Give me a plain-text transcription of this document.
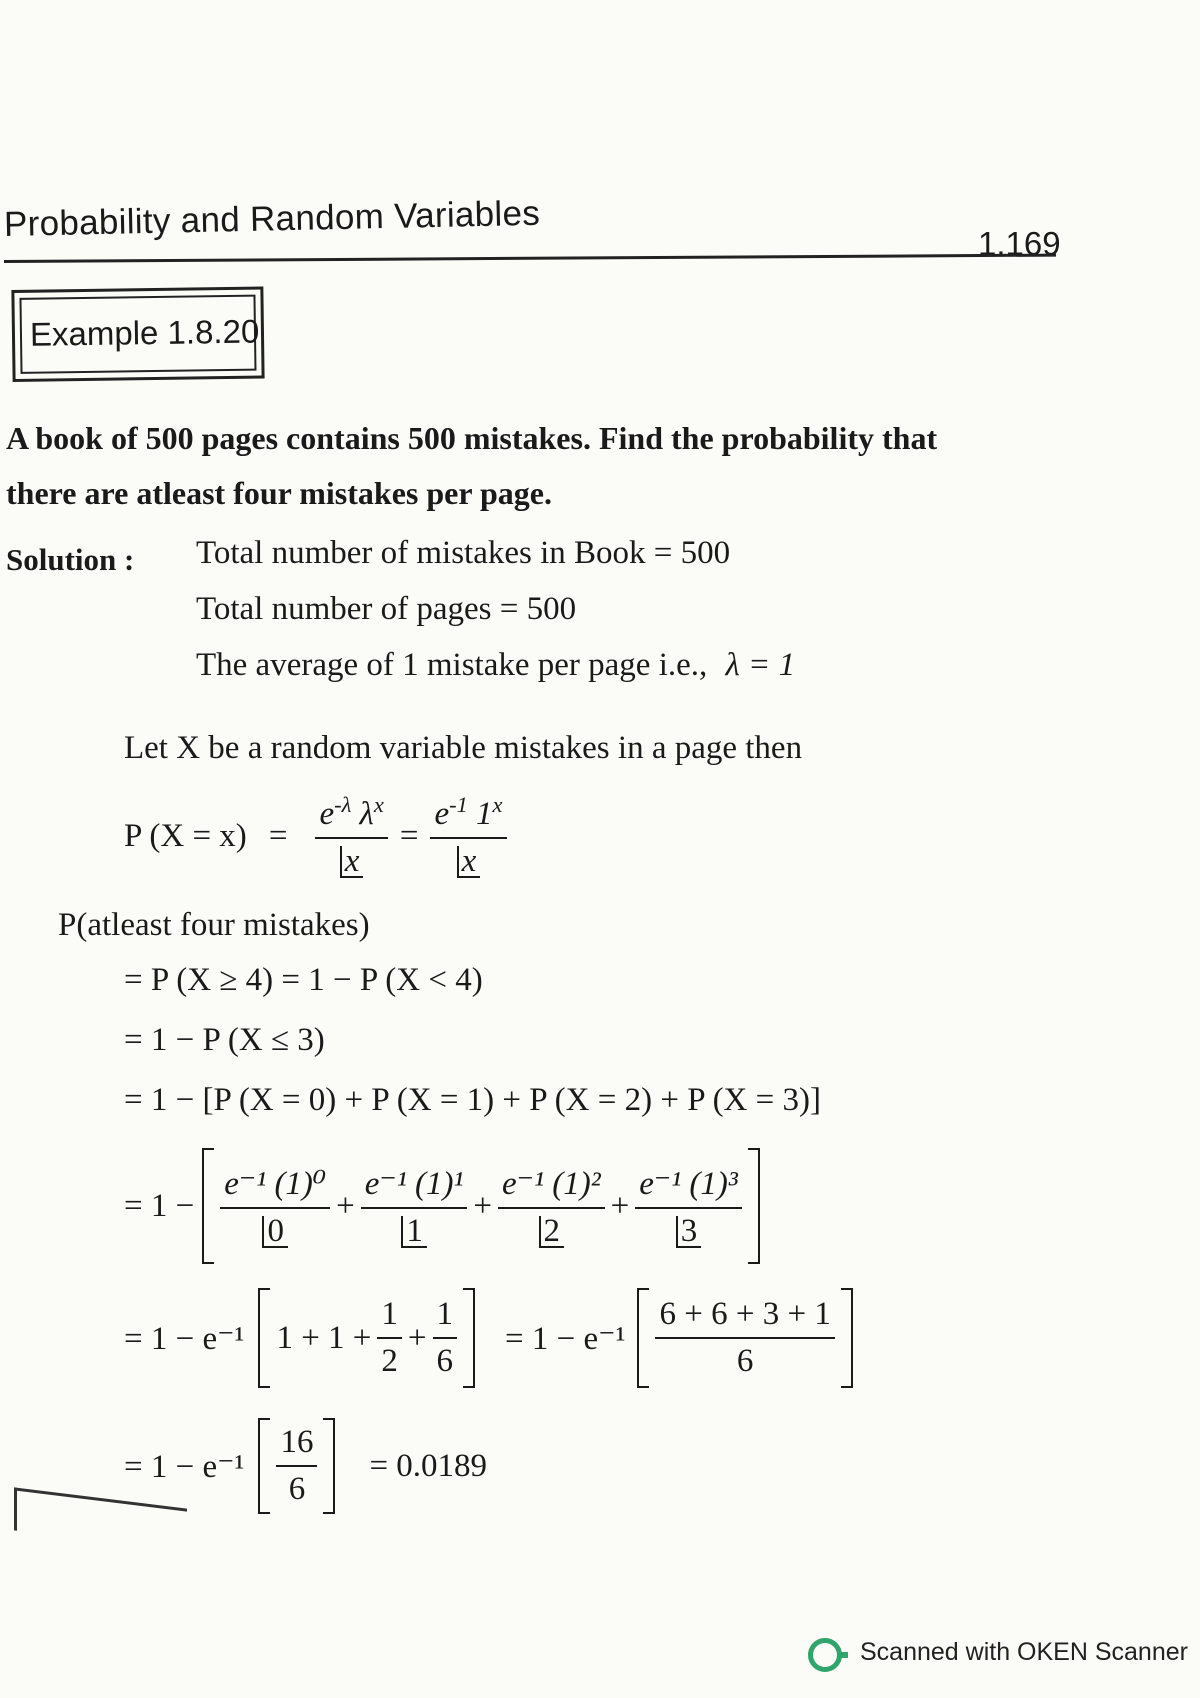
Probability and Random Variables	1.169
Example 1.8.20
A book of 500 pages contains 500 mistakes. Find the probability that
there are atleast four mistakes per page.
Solution : Total number of mistakes in Book = 500
Total number of pages = 500
The average of 1 mistake per page i.e., λ = 1
Let X be a random variable mistakes in a page then
P $(X = x) = \frac{e^{-\lambda} \lambda^x}{x} = \frac{e^{-1} 1^x}{x}$
P(atleast four mistakes)
= P (X ≥ 4) = 1 − P (X < 4)
= 1 − P (X ≤ 3)
= 1 − [P (X = 0) + P (X = 1) + P (X = 2) + P (X = 3)]
= $1 - \frac{\text{e⁻¹ (1)⁰}}{0} + \frac{\text{e⁻¹ (1)¹}}{1} + \frac{\text{e⁻¹ (1)²}}{2} + \frac{\text{e⁻¹ (1)³}}{3}$
= 1 − e⁻¹ $1 + 1 + \frac{1}{2} + \frac{1}{6} = 1 - e^{-1} \frac{6 + 6 + 3 + 1}{6}$
= $1 - e^{-1} \frac{16}{6} = 0.0189$
Scanned with OKEN Scanner
